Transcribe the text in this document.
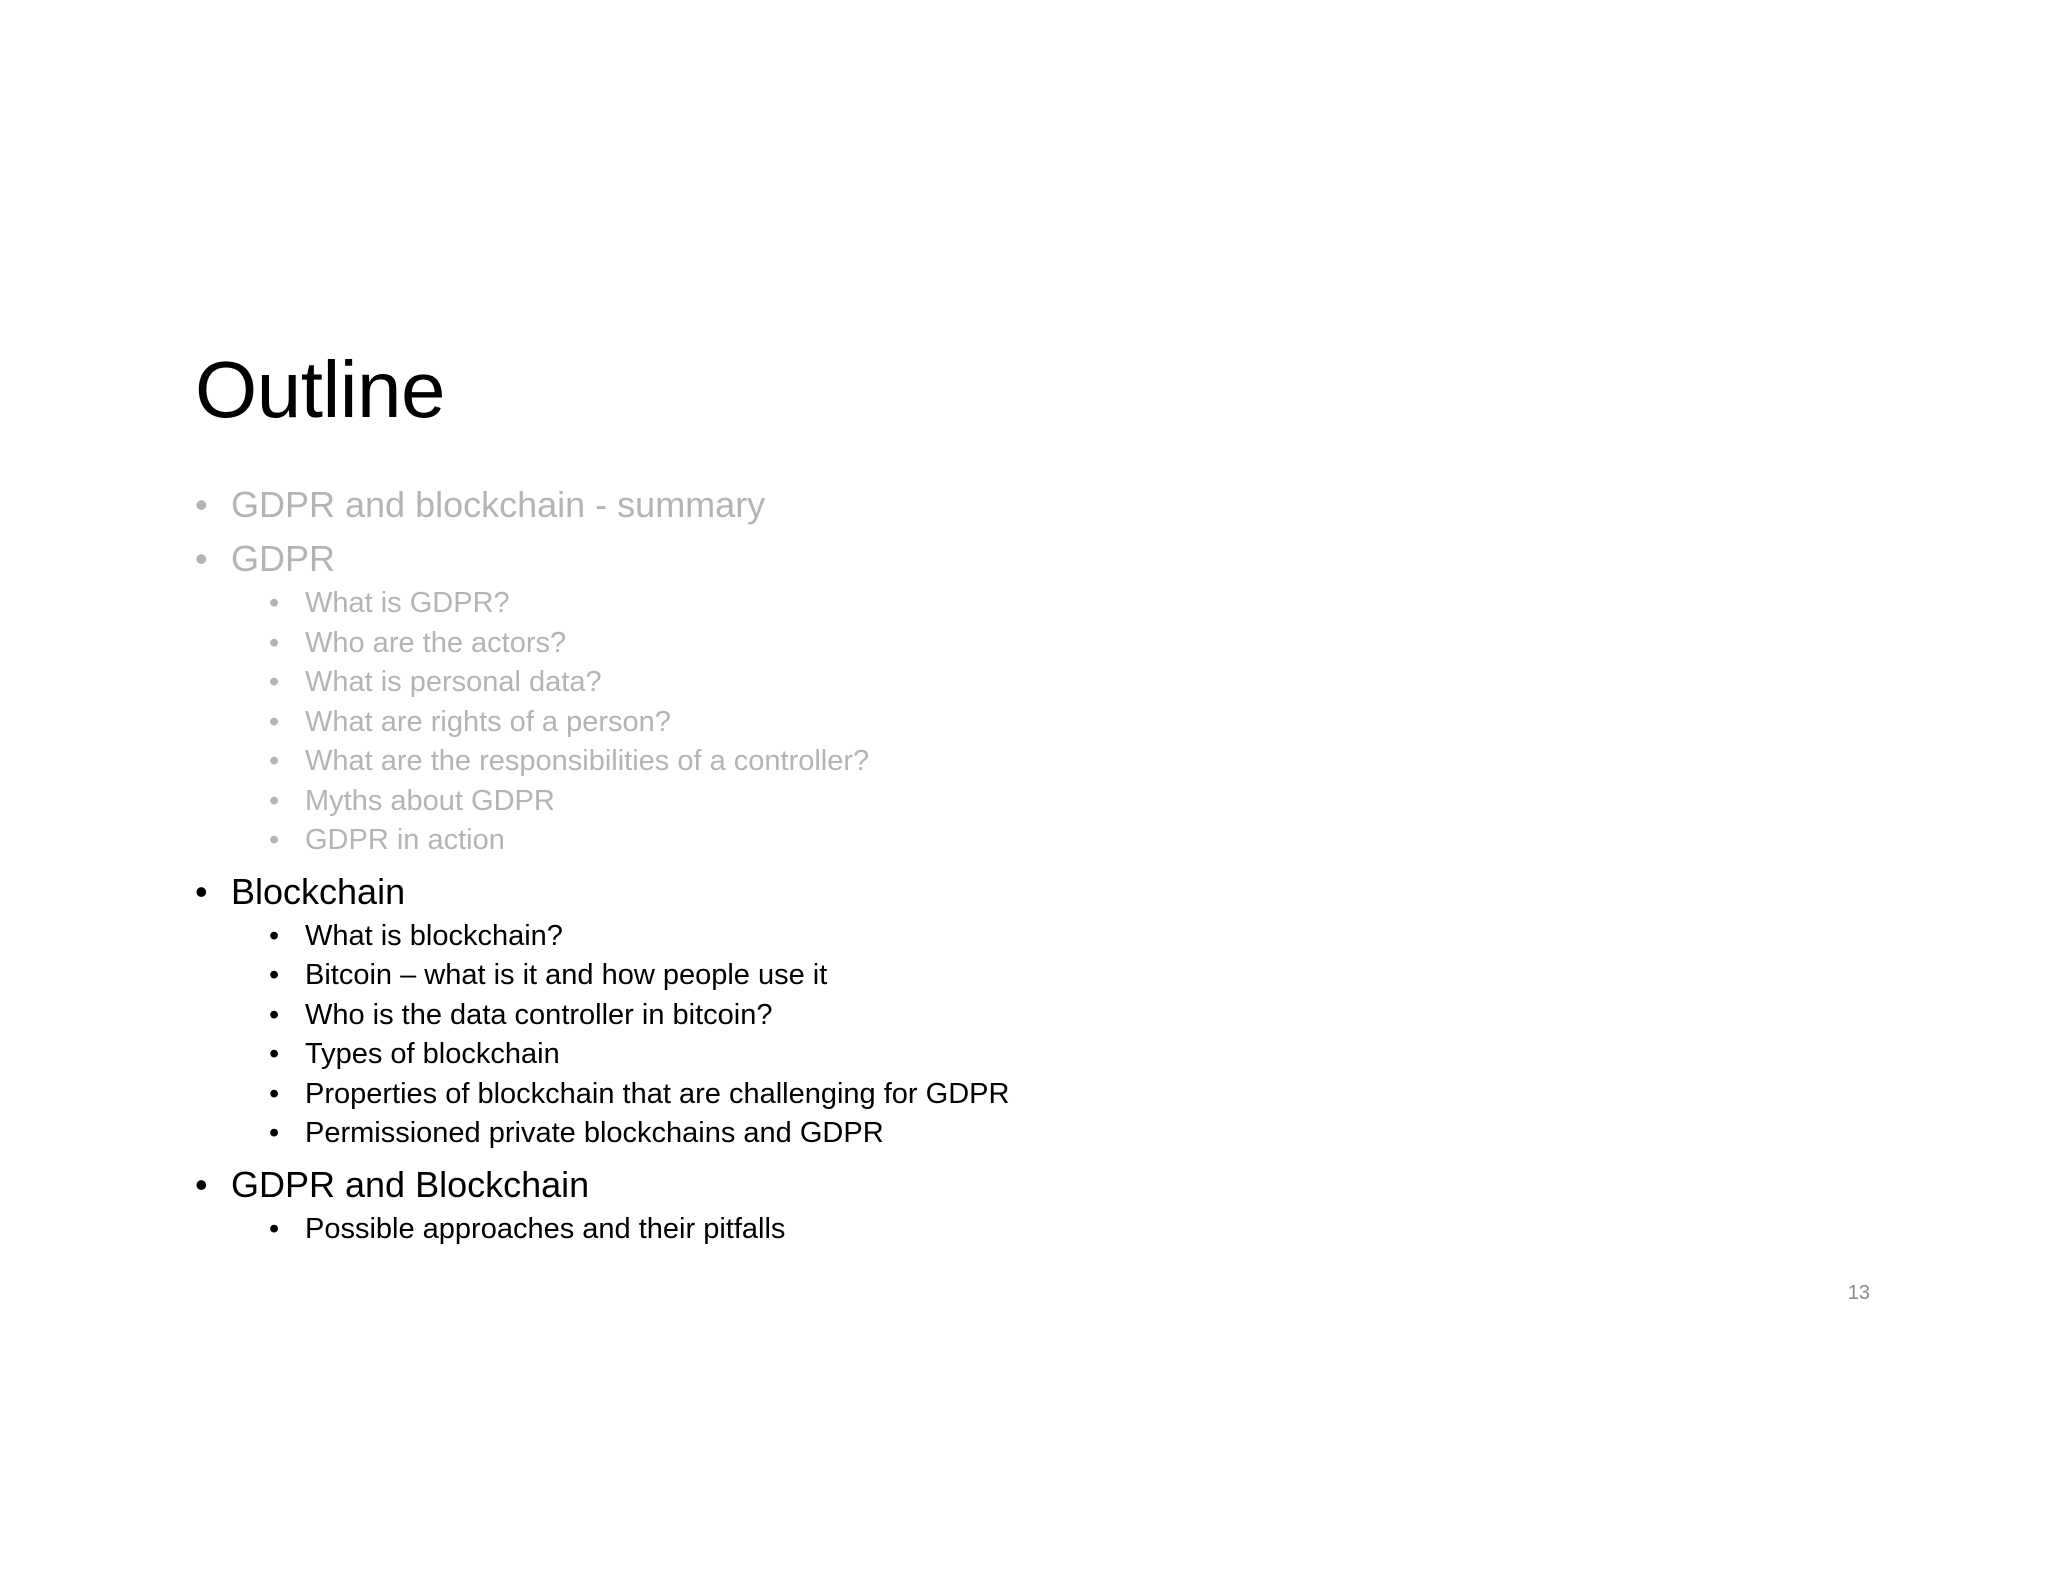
Outline
• GDPR and blockchain - summary
• GDPR
• What is GDPR?
• Who are the actors?
• What is personal data?
• What are rights of a person?
• What are the responsibilities of a controller?
• Myths about GDPR
• GDPR in action
• Blockchain
• What is blockchain?
• Bitcoin – what is it and how people use it
• Who is the data controller in bitcoin?
• Types of blockchain
• Properties of blockchain that are challenging for GDPR
• Permissioned private blockchains and GDPR
• GDPR and Blockchain
• Possible approaches and their pitfalls
13
